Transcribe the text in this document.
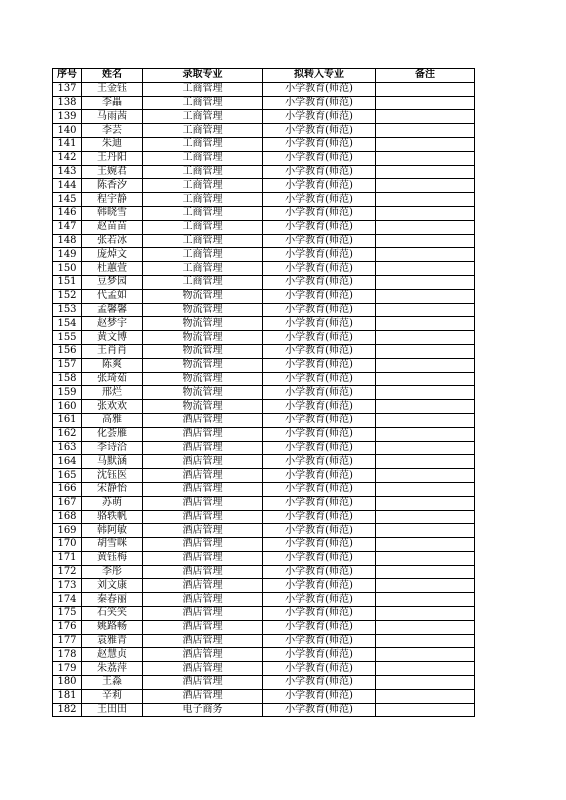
序号	姓名	录取专业	拟转入专业	备注
137	王金钰	工商管理	小学教育(师范)	
138	李畾	工商管理	小学教育(师范)	
139	马雨茜	工商管理	小学教育(师范)	
140	李芸	工商管理	小学教育(师范)	
141	朱迪	工商管理	小学教育(师范)	
142	王丹阳	工商管理	小学教育(师范)	
143	王婉君	工商管理	小学教育(师范)	
144	陈香汐	工商管理	小学教育(师范)	
145	程宇静	工商管理	小学教育(师范)	
146	韩晓雪	工商管理	小学教育(师范)	
147	赵苗苗	工商管理	小学教育(师范)	
148	张若冰	工商管理	小学教育(师范)	
149	庞焯文	工商管理	小学教育(师范)	
150	杜蕙萱	工商管理	小学教育(师范)	
151	豆梦园	工商管理	小学教育(师范)	
152	代孟如	物流管理	小学教育(师范)	
153	孟馨馨	物流管理	小学教育(师范)	
154	赵梦宇	物流管理	小学教育(师范)	
155	黄文博	物流管理	小学教育(师范)	
156	王肖肖	物流管理	小学教育(师范)	
157	陈爽	物流管理	小学教育(师范)	
158	张琦茹	物流管理	小学教育(师范)	
159	邢烂	物流管理	小学教育(师范)	
160	张欢欢	物流管理	小学教育(师范)	
161	高雅	酒店管理	小学教育(师范)	
162	化荟雁	酒店管理	小学教育(师范)	
163	李诗洽	酒店管理	小学教育(师范)	
164	马默涵	酒店管理	小学教育(师范)	
165	沈钰医	酒店管理	小学教育(师范)	
166	宋静怡	酒店管理	小学教育(师范)	
167	苏萌	酒店管理	小学教育(师范)	
168	骆轶帆	酒店管理	小学教育(师范)	
169	韩阿敏	酒店管理	小学教育(师范)	
170	胡雪咪	酒店管理	小学教育(师范)	
171	黄钰梅	酒店管理	小学教育(师范)	
172	李彤	酒店管理	小学教育(师范)	
173	刘文康	酒店管理	小学教育(师范)	
174	秦春丽	酒店管理	小学教育(师范)	
175	石笑笑	酒店管理	小学教育(师范)	
176	姚路畅	酒店管理	小学教育(师范)	
177	袁雅青	酒店管理	小学教育(师范)	
178	赵慧贞	酒店管理	小学教育(师范)	
179	朱荔萍	酒店管理	小学教育(师范)	
180	王淼	酒店管理	小学教育(师范)	
181	辛莉	酒店管理	小学教育(师范)	
182	王田田	电子商务	小学教育(师范)	
